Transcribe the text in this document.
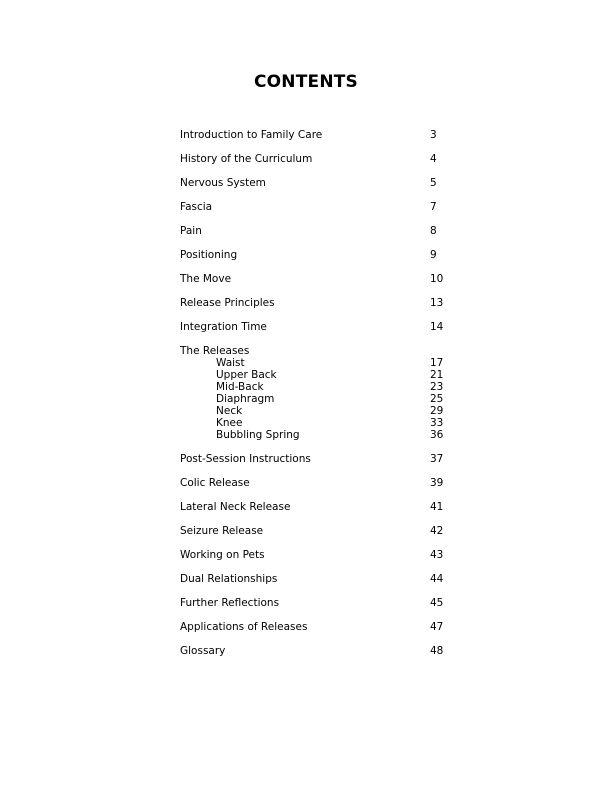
CONTENTS
Introduction to Family Care	3
History of the Curriculum	4
Nervous System	5
Fascia	7
Pain	8
Positioning	9
The Move	10
Release Principles	13
Integration Time	14
The Releases
Waist	17
Upper Back	21
Mid-Back	23
Diaphragm	25
Neck	29
Knee	33
Bubbling Spring	36
Post-Session Instructions	37
Colic Release	39
Lateral Neck Release	41
Seizure Release	42
Working on Pets	43
Dual Relationships	44
Further Reflections	45
Applications of Releases	47
Glossary	48
